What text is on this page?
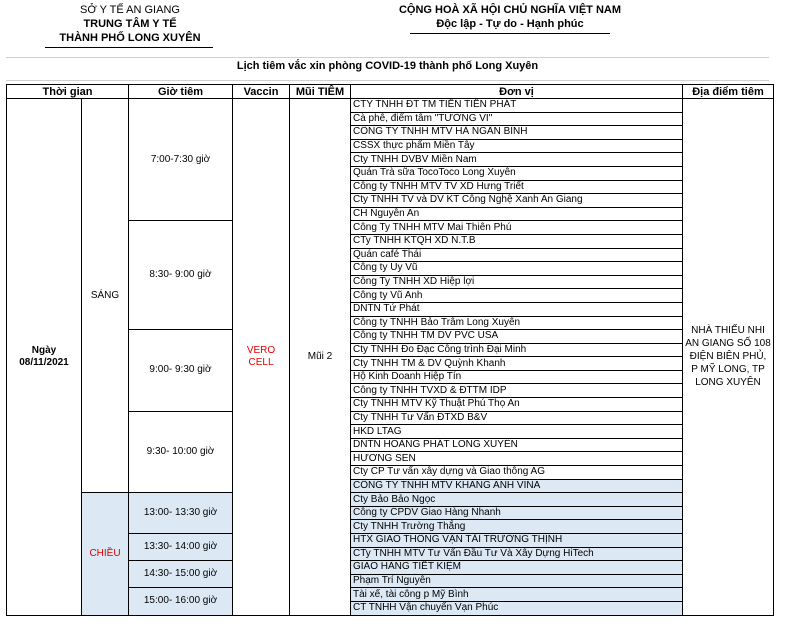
SỞ Y TẾ AN GIANG
TRUNG TÂM Y TẾ
THÀNH PHỐ LONG XUYÊN
CỘNG HOÀ XÃ HỘI CHỦ NGHĨA VIỆT NAM
Độc lập - Tự do - Hạnh phúc
Lịch tiêm vắc xin phòng COVID-19 thành phố Long Xuyên
Thời gian		Giờ tiêm	Vaccin	Mũi TIÊM	Đơn vị	Địa điểm tiêm
Ngày 08/11/2021	SÁNG	7:00-7:30 giờ	VERO CELL	Mũi 2	CTY TNHH ĐT TM TIẾN TIẾN PHÁT	NHÀ THIẾU NHI AN GIANG SỐ 108 ĐIỆN BIÊN PHỦ, P MỸ LONG, TP LONG XUYÊN
					Cà phê, điểm tâm "TƯỜNG VI"	
					CÔNG TY TNHH MTV HÀ NGÂN BÌNH	
					CSSX thực phẩm Miền Tây	
					Cty TNHH DVBV Miền Nam	
					Quán Trà sữa TocoToco Long Xuyên	
					Công ty TNHH MTV TV XD Hưng Triết	
					Cty TNHH TV và DV KT Công Nghệ Xanh An Giang	
					CH Nguyễn An	
		8:30- 9:00 giờ			Công Ty TNHH MTV Mai Thiên Phú	
					CTy TNHH KTQH XD N.T.B	
					Quán café Thái	
					Công ty Uy Vũ	
					Công Ty TNHH XD Hiệp lợi	
					Công ty Vũ Anh	
					DNTN Tứ Phát	
					Công ty TNHH Bảo Trâm Long Xuyên	
		9:00- 9:30 giờ			Công ty TNHH TM DV PVC USA	
					Cty TNHH Đo Đạc Công trình Đại Minh	
					Cty TNHH TM & DV Quỳnh Khanh	
					Hộ Kinh Doanh Hiệp Tín	
					Công ty TNHH TVXD & ĐTTM IDP	
					Cty TNHH MTV Kỹ Thuật Phú Thọ An	
		9:30- 10:00 giờ			Cty TNHH Tư Vấn ĐTXD B&V	
					HKD LTAG	
					DNTN HOÀNG PHÁT LONG XUYÊN	
					HƯƠNG SEN	
					Cty CP Tư vấn xây dựng và Giao thông AG	
					CÔNG TY TNHH MTV KHANG ANH VINA	
	CHIỀU	13:00- 13:30 giờ			Cty Bảo Bảo Ngọc	
					Công ty CPDV Giao Hàng Nhanh	
					Cty TNHH Trường Thắng	
		13:30- 14:00 giờ			HTX GIAO THÔNG VẬN TẢI TRƯỜNG THỊNH	
					CTy TNHH MTV Tư Vấn Đầu Tư Và Xây Dựng HiTech	
		14:30- 15:00 giờ			GIAO HÀNG TIẾT KIỆM	
					Phạm Trí Nguyễn	
		15:00- 16:00 giờ			Tài xế, tài công p Mỹ Bình	
					CT TNHH Vận chuyển Vạn Phúc	
